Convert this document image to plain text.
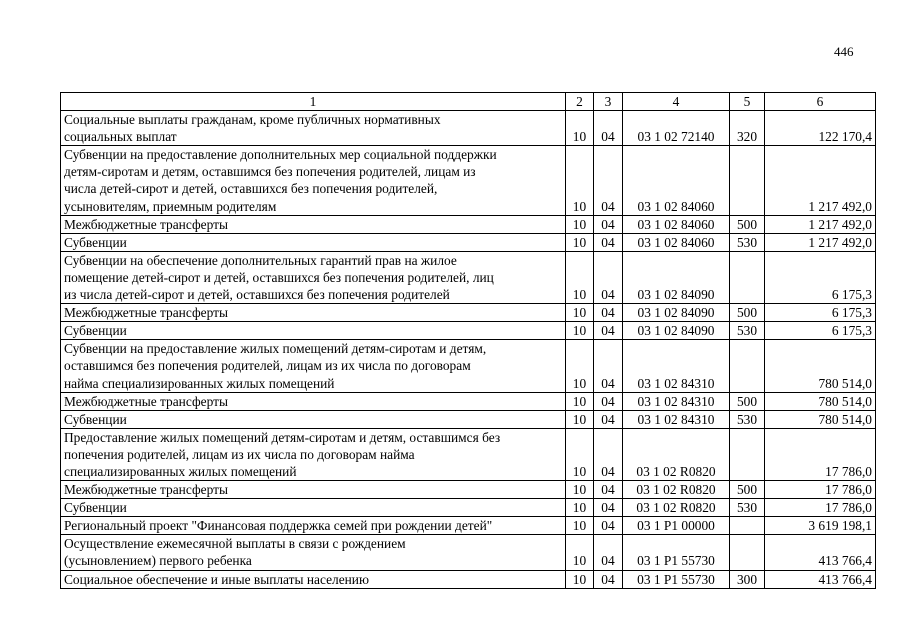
446
1	2	3	4	5	6
Социальные выплаты гражданам, кроме публичных нормативных
социальных выплат	10	04	03 1 02 72140	320	122 170,4
Субвенции на предоставление дополнительных мер социальной поддержки
детям-сиротам и детям, оставшимся без попечения родителей, лицам из
числа детей-сирот и детей, оставшихся без попечения родителей,
усыновителям, приемным родителям	10	04	03 1 02 84060		1 217 492,0
Межбюджетные трансферты	10	04	03 1 02 84060	500	1 217 492,0
Субвенции	10	04	03 1 02 84060	530	1 217 492,0
Субвенции на обеспечение дополнительных гарантий прав на жилое
помещение детей-сирот и детей, оставшихся без попечения родителей, лиц
из числа детей-сирот и детей, оставшихся без попечения родителей	10	04	03 1 02 84090		6 175,3
Межбюджетные трансферты	10	04	03 1 02 84090	500	6 175,3
Субвенции	10	04	03 1 02 84090	530	6 175,3
Субвенции на предоставление жилых помещений детям-сиротам и детям,
оставшимся без попечения родителей, лицам из их числа по договорам
найма специализированных жилых помещений	10	04	03 1 02 84310		780 514,0
Межбюджетные трансферты	10	04	03 1 02 84310	500	780 514,0
Субвенции	10	04	03 1 02 84310	530	780 514,0
Предоставление жилых помещений детям-сиротам и детям, оставшимся без
попечения родителей, лицам из их числа по договорам найма
специализированных жилых помещений	10	04	03 1 02 R0820		17 786,0
Межбюджетные трансферты	10	04	03 1 02 R0820	500	17 786,0
Субвенции	10	04	03 1 02 R0820	530	17 786,0
Региональный проект "Финансовая поддержка семей при рождении детей"	10	04	03 1 P1 00000		3 619 198,1
Осуществление ежемесячной выплаты в связи с рождением
(усыновлением) первого ребенка	10	04	03 1 P1 55730		413 766,4
Социальное обеспечение и иные выплаты населению	10	04	03 1 P1 55730	300	413 766,4
